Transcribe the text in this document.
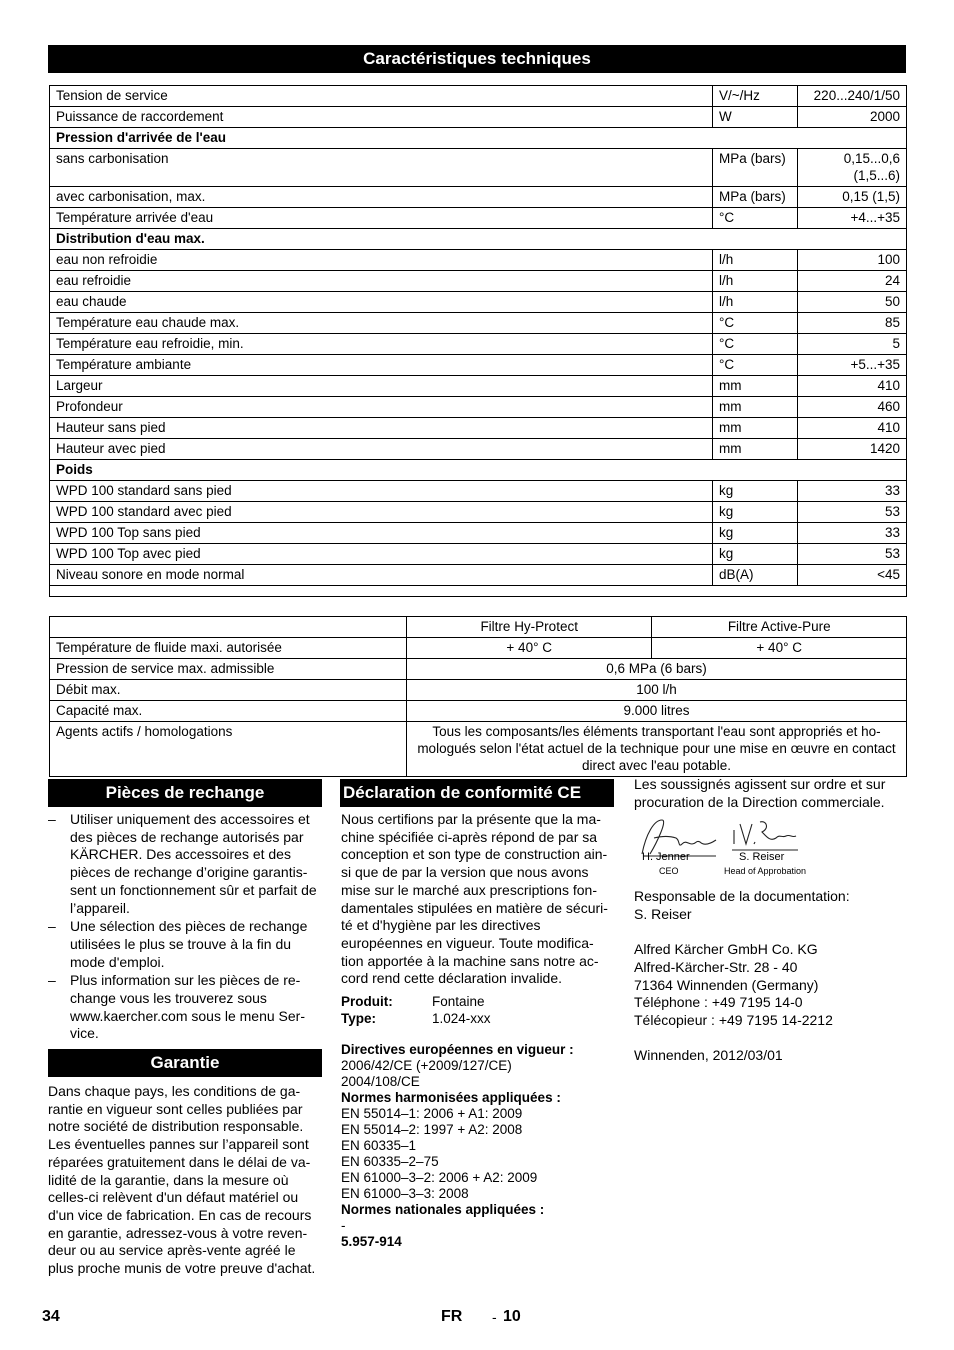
Caractéristiques techniques
Tension de service	V/~/Hz	220...240/1/50
Puissance de raccordement	W	2000
Pression d'arrivée de l'eau		
sans carbonisation	MPa (bars)	0,15...0,6 (1,5...6)
avec carbonisation, max.	MPa (bars)	0,15 (1,5)
Température arrivée d'eau	°C	+4...+35
Distribution d'eau max.		
eau non refroidie	l/h	100
eau refroidie	l/h	24
eau chaude	l/h	50
Température eau chaude max.	°C	85
Température eau refroidie, min.	°C	5
Température ambiante	°C	+5...+35
Largeur	mm	410
Profondeur	mm	460
Hauteur sans pied	mm	410
Hauteur avec pied	mm	1420
Poids		
WPD 100 standard sans pied	kg	33
WPD 100 standard avec pied	kg	53
WPD 100 Top sans pied	kg	33
WPD 100 Top avec pied	kg	53
Niveau sonore en mode normal	dB(A)	<45

	Filtre Hy-Protect	Filtre Active-Pure
Température de fluide maxi. autorisée	+ 40° C	+ 40° C
Pression de service max. admissible	0,6 MPa (6 bars)	
Débit max.	100 l/h	
Capacité max.	9.000 litres	
Agents actifs / homologations	Tous les composants/les éléments transportant l'eau sont appropriés et ho-mologués selon l'état actuel de la technique pour une mise en œuvre en contact direct avec l'eau potable.	
Pièces de rechange
– Utiliser uniquement des accessoires et des pièces de rechange autorisés par KÄRCHER. Des accessoires et des pièces de rechange d’origine garantis-sent un fonctionnement sûr et parfait de l’appareil.
– Une sélection des pièces de rechange utilisées le plus se trouve à la fin du mode d'emploi.
– Plus information sur les pièces de re-change vous les trouverez sous www.kaercher.com sous le menu Ser-vice.
Garantie
Dans chaque pays, les conditions de ga-rantie en vigueur sont celles publiées par notre société de distribution responsable. Les éventuelles pannes sur l’appareil sont réparées gratuitement dans le délai de va-lidité de la garantie, dans la mesure où celles-ci relèvent d'un défaut matériel ou d'un vice de fabrication. En cas de recours en garantie, adressez-vous à votre reven-deur ou au service après-vente agréé le plus proche munis de votre preuve d'achat.
Déclaration de conformité CE
Nous certifions par la présente que la ma-chine spécifiée ci-après répond de par sa conception et son type de construction ain-si que de par la version que nous avons mise sur le marché aux prescriptions fon-damentales stipulées en matière de sécuri-té et d'hygiène par les directives européennes en vigueur. Toute modifica-tion apportée à la machine sans notre ac-cord rend cette déclaration invalide.
Produit:	Fontaine
Type:	1.024-xxx
Directives européennes en vigueur :
2006/42/CE (+2009/127/CE)
2004/108/CE
Normes harmonisées appliquées :
EN 55014–1: 2006 + A1: 2009
EN 55014–2: 1997 + A2: 2008
EN 60335–1
EN 60335–2–75
EN 61000–3–2: 2006 + A2: 2009
EN 61000–3–3: 2008
Normes nationales appliquées :
-
5.957-914
Les soussignés agissent sur ordre et sur procuration de la Direction commerciale.
H. Jenner
CEO
S. Reiser
Head of Approbation
Responsable de la documentation:
S. Reiser
Alfred Kärcher GmbH Co. KG
Alfred-Kärcher-Str. 28 - 40
71364 Winnenden (Germany)
Téléphone : +49 7195 14-0
Télécopieur : +49 7195 14-2212
Winnenden, 2012/03/01
34	FR - 10
